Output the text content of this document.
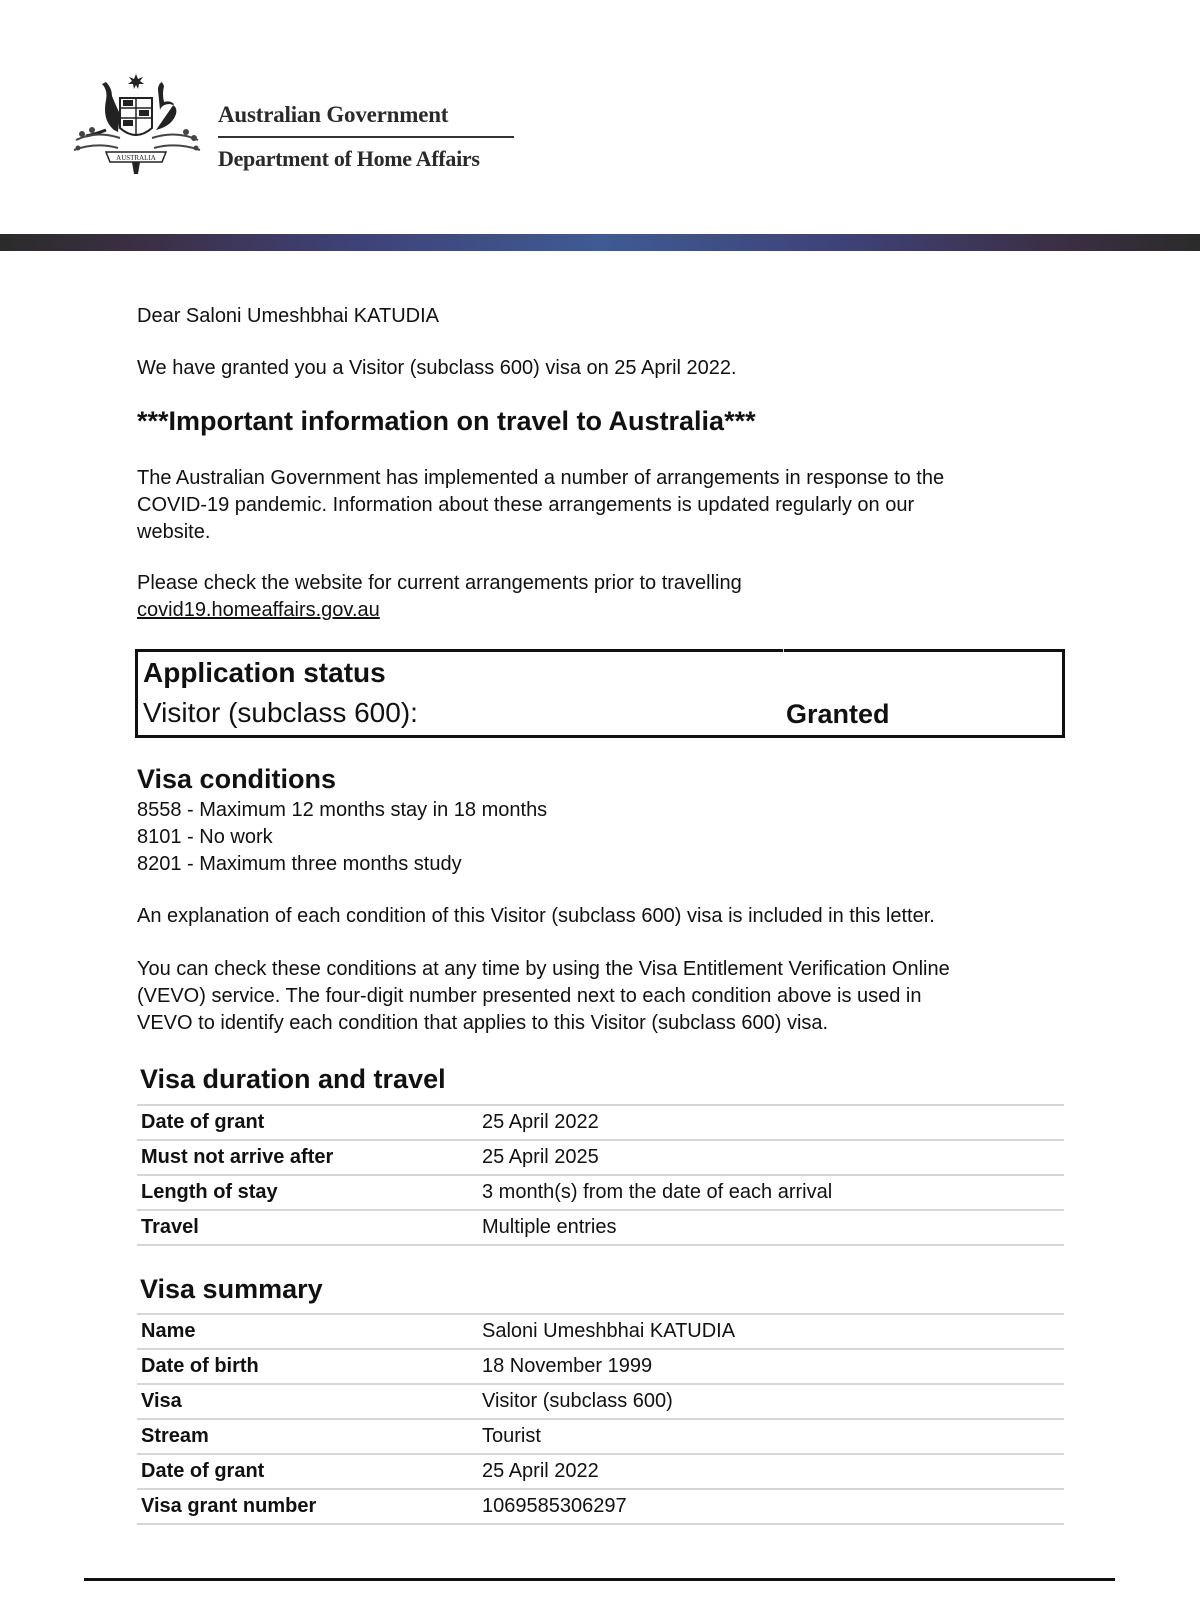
AUSTRALIA
Australian Government
Department of Home Affairs
Dear Saloni Umeshbhai KATUDIA
We have granted you a Visitor (subclass 600) visa on 25 April 2022.
***Important information on travel to Australia***
The Australian Government has implemented a number of arrangements in response to the
COVID-19 pandemic. Information about these arrangements is updated regularly on our
website.
Please check the website for current arrangements prior to travelling
covid19.homeaffairs.gov.au
Application status
Visitor (subclass 600):	Granted
Visa conditions
8558 - Maximum 12 months stay in 18 months
8101 - No work
8201 - Maximum three months study
An explanation of each condition of this Visitor (subclass 600) visa is included in this letter.
You can check these conditions at any time by using the Visa Entitlement Verification Online
(VEVO) service. The four-digit number presented next to each condition above is used in
VEVO to identify each condition that applies to this Visitor (subclass 600) visa.
Visa duration and travel
Date of grant	25 April 2022
Must not arrive after	25 April 2025
Length of stay	3 month(s) from the date of each arrival
Travel	Multiple entries
Visa summary
Name	Saloni Umeshbhai KATUDIA
Date of birth	18 November 1999
Visa	Visitor (subclass 600)
Stream	Tourist
Date of grant	25 April 2022
Visa grant number	1069585306297
